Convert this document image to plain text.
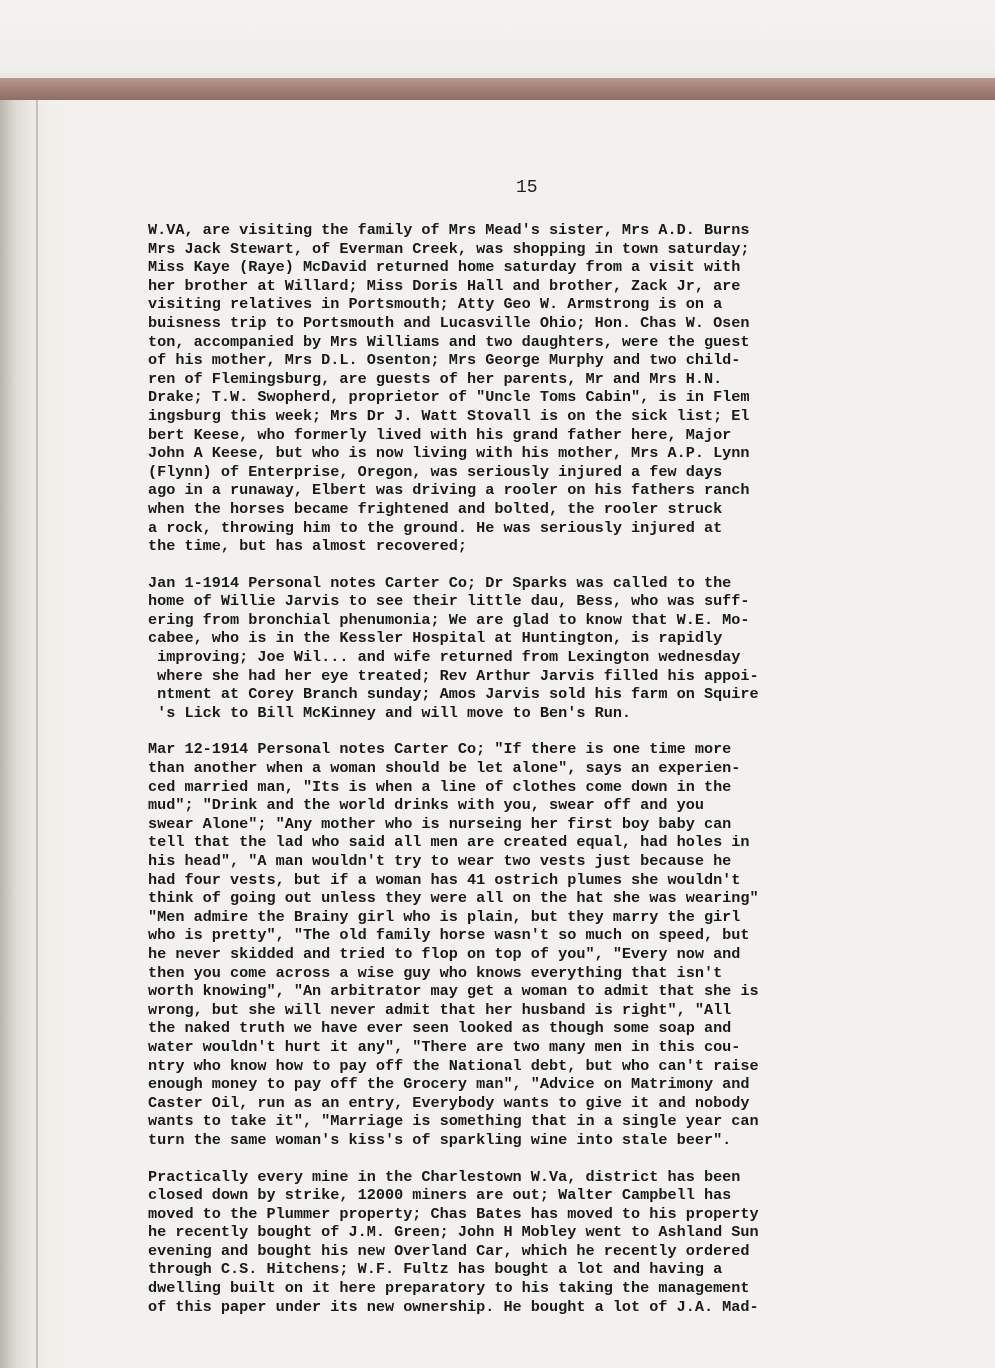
15
W.VA, are visiting the family of Mrs Mead's sister, Mrs A.D. Burns
Mrs Jack Stewart, of Everman Creek, was shopping in town saturday;
Miss Kaye (Raye) McDavid returned home saturday from a visit with
her brother at Willard; Miss Doris Hall and brother, Zack Jr, are
visiting relatives in Portsmouth; Atty Geo W. Armstrong is on a
buisness trip to Portsmouth and Lucasville Ohio; Hon. Chas W. Osen
ton, accompanied by Mrs Williams and two daughters, were the guest
of his mother, Mrs D.L. Osenton; Mrs George Murphy and two child-
ren of Flemingsburg, are guests of her parents, Mr and Mrs H.N.
Drake; T.W. Swopherd, proprietor of "Uncle Toms Cabin", is in Flem
ingsburg this week; Mrs Dr J. Watt Stovall is on the sick list; El
bert Keese, who formerly lived with his grand father here, Major
John A Keese, but who is now living with his mother, Mrs A.P. Lynn
(Flynn) of Enterprise, Oregon, was seriously injured a few days
ago in a runaway, Elbert was driving a rooler on his fathers ranch
when the horses became frightened and bolted, the rooler struck
a rock, throwing him to the ground. He was seriously injured at
the time, but has almost recovered;
Jan 1-1914 Personal notes Carter Co; Dr Sparks was called to the
home of Willie Jarvis to see their little dau, Bess, who was suff-
ering from bronchial phenumonia; We are glad to know that W.E. Mo-
cabee, who is in the Kessler Hospital at Huntington, is rapidly
improving; Joe Wil... and wife returned from Lexington wednesday
where she had her eye treated; Rev Arthur Jarvis filled his appoi-
ntment at Corey Branch sunday; Amos Jarvis sold his farm on Squire
's Lick to Bill McKinney and will move to Ben's Run.
Mar 12-1914 Personal notes Carter Co; "If there is one time more
than another when a woman should be let alone", says an experien-
ced married man, "Its is when a line of clothes come down in the
mud"; "Drink and the world drinks with you, swear off and you
swear Alone"; "Any mother who is nurseing her first boy baby can
tell that the lad who said all men are created equal, had holes in
his head", "A man wouldn't try to wear two vests just because he
had four vests, but if a woman has 41 ostrich plumes she wouldn't
think of going out unless they were all on the hat she was wearing"
"Men admire the Brainy girl who is plain, but they marry the girl
who is pretty", "The old family horse wasn't so much on speed, but
he never skidded and tried to flop on top of you", "Every now and
then you come across a wise guy who knows everything that isn't
worth knowing", "An arbitrator may get a woman to admit that she is
wrong, but she will never admit that her husband is right", "All
the naked truth we have ever seen looked as though some soap and
water wouldn't hurt it any", "There are two many men in this cou-
ntry who know how to pay off the National debt, but who can't raise
enough money to pay off the Grocery man", "Advice on Matrimony and
Caster Oil, run as an entry, Everybody wants to give it and nobody
wants to take it", "Marriage is something that in a single year can
turn the same woman's kiss's of sparkling wine into stale beer".
Practically every mine in the Charlestown W.Va, district has been
closed down by strike, 12000 miners are out; Walter Campbell has
moved to the Plummer property; Chas Bates has moved to his property
he recently bought of J.M. Green; John H Mobley went to Ashland Sun
evening and bought his new Overland Car, which he recently ordered
through C.S. Hitchens; W.F. Fultz has bought a lot and having a
dwelling built on it here preparatory to his taking the management
of this paper under its new ownership. He bought a lot of J.A. Mad-
